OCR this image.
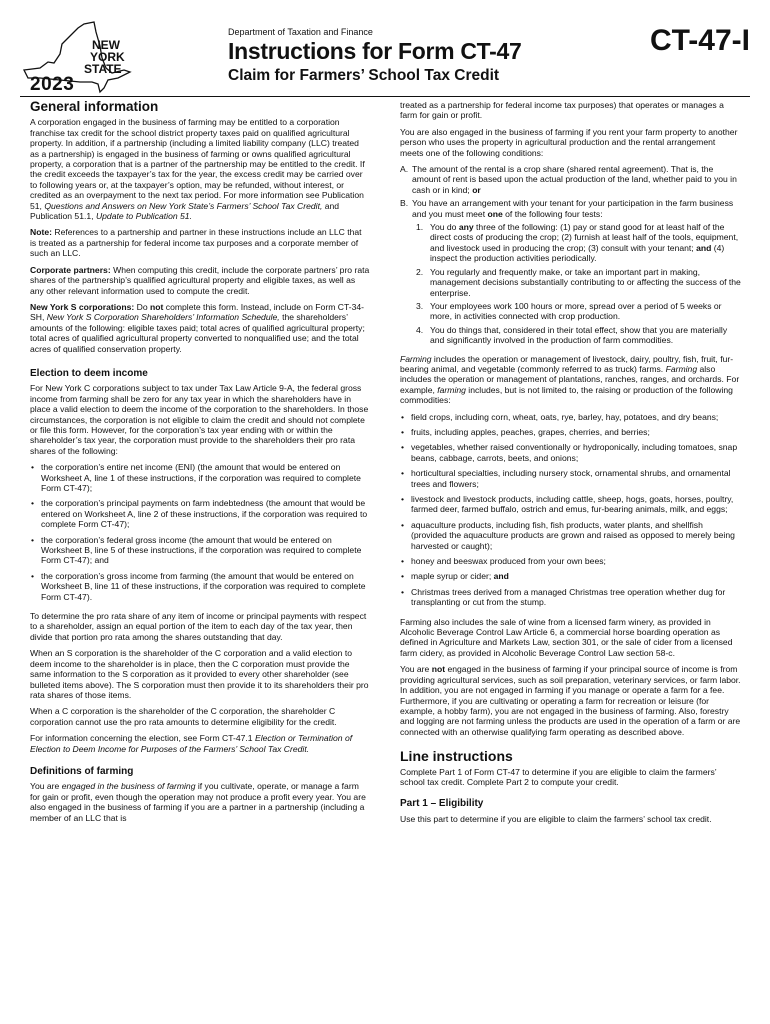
NEW
YORK
STATE
2023
Department of Taxation and Finance
Instructions for Form CT-47
Claim for Farmers’ School Tax Credit
CT-47-I
General information

A corporation engaged in the business of farming may be entitled to a corporation franchise tax credit for the school district property taxes paid on qualified agricultural property. In addition, if a partnership (including a limited liability company (LLC) treated as a partnership) is engaged in the business of farming or owns qualified agricultural property, a corporation that is a partner of the partnership may be entitled to the credit. If the credit exceeds the taxpayer’s tax for the year, the excess credit may be carried over to following years or, at the taxpayer’s option, may be refunded, without interest, or credited as an overpayment to the next tax period. For more information see Publication 51, Questions and Answers on New York State’s Farmers’ School Tax Credit, and Publication 51.1, Update to Publication 51.

Note: References to a partnership and partner in these instructions include an LLC that is treated as a partnership for federal income tax purposes and a corporate member of such an LLC.

Corporate partners: When computing this credit, include the corporate partners’ pro rata shares of the partnership’s qualified agricultural property and eligible taxes, as well as any other relevant information used to compute the credit.

New York S corporations: Do not complete this form. Instead, include on Form CT-34-SH, New York S Corporation Shareholders’ Information Schedule, the shareholders’ amounts of the following: eligible taxes paid; total acres of qualified agricultural property; total acres of qualified agricultural property converted to nonqualified use; and the total acres of qualified conservation property.

Election to deem income

For New York C corporations subject to tax under Tax Law Article 9-A, the federal gross income from farming shall be zero for any tax year in which the shareholders have in place a valid election to deem the income of the corporation to the shareholders. In those circumstances, the corporation is not eligible to claim the credit and should not complete or file this form. However, for the corporation’s tax year ending with or within the shareholder’s tax year, the corporation must provide to the shareholders their pro rata shares of the following:

• the corporation’s entire net income (ENI) (the amount that would be entered on Worksheet A, line 1 of these instructions, if the corporation was required to complete Form CT-47);
• the corporation’s principal payments on farm indebtedness (the amount that would be entered on Worksheet A, line 2 of these instructions, if the corporation was required to complete Form CT-47);
• the corporation’s federal gross income (the amount that would be entered on Worksheet B, line 5 of these instructions, if the corporation was required to complete Form CT-47); and
• the corporation’s gross income from farming (the amount that would be entered on Worksheet B, line 11 of these instructions, if the corporation was required to complete Form CT-47).

To determine the pro rata share of any item of income or principal payments with respect to a shareholder, assign an equal portion of the item to each day of the tax year, then divide that portion pro rata among the shares outstanding that day.

When an S corporation is the shareholder of the C corporation and a valid election to deem income to the shareholder is in place, then the C corporation must provide the same information to the S corporation as it provided to every other shareholder (see bulleted items above). The S corporation must then provide it to its shareholders their pro rata shares of those items.

When a C corporation is the shareholder of the C corporation, the shareholder C corporation cannot use the pro rata amounts to determine eligibility for the credit.

For information concerning the election, see Form CT-47.1 Election or Termination of Election to Deem Income for Purposes of the Farmers’ School Tax Credit.

Definitions of farming

You are engaged in the business of farming if you cultivate, operate, or manage a farm for gain or profit, even though the operation may not produce a profit every year. You are also engaged in the business of farming if you are a partner in a partnership (including a member of an LLC that is

treated as a partnership for federal income tax purposes) that operates or manages a farm for gain or profit.

You are also engaged in the business of farming if you rent your farm property to another person who uses the property in agricultural production and the rental arrangement meets one of the following conditions:

A. The amount of the rental is a crop share (shared rental agreement). That is, the amount of rent is based upon the actual production of the land, whether paid to you in cash or in kind; or
B. You have an arrangement with your tenant for your participation in the farm business and you must meet one of the following four tests:
1. You do any three of the following: (1) pay or stand good for at least half of the direct costs of producing the crop; (2) furnish at least half of the tools, equipment, and livestock used in producing the crop; (3) consult with your tenant; and (4) inspect the production activities periodically.
2. You regularly and frequently make, or take an important part in making, management decisions substantially contributing to or affecting the success of the enterprise.
3. Your employees work 100 hours or more, spread over a period of 5 weeks or more, in activities connected with crop production.
4. You do things that, considered in their total effect, show that you are materially and significantly involved in the production of farm commodities.

Farming includes the operation or management of livestock, dairy, poultry, fish, fruit, fur-bearing animal, and vegetable (commonly referred to as truck) farms. Farming also includes the operation or management of plantations, ranches, ranges, and orchards. For example, farming includes, but is not limited to, the raising or production of the following commodities:

• field crops, including corn, wheat, oats, rye, barley, hay, potatoes, and dry beans;
• fruits, including apples, peaches, grapes, cherries, and berries;
• vegetables, whether raised conventionally or hydroponically, including tomatoes, snap beans, cabbage, carrots, beets, and onions;
• horticultural specialties, including nursery stock, ornamental shrubs, and ornamental trees and flowers;
• livestock and livestock products, including cattle, sheep, hogs, goats, horses, poultry, farmed deer, farmed buffalo, ostrich and emus, fur-bearing animals, milk, and eggs;
• aquaculture products, including fish, fish products, water plants, and shellfish (provided the aquaculture products are grown and raised as opposed to merely being harvested or caught);
• honey and beeswax produced from your own bees;
• maple syrup or cider; and
• Christmas trees derived from a managed Christmas tree operation whether dug for transplanting or cut from the stump.

Farming also includes the sale of wine from a licensed farm winery, as provided in Alcoholic Beverage Control Law Article 6, a commercial horse boarding operation as defined in Agriculture and Markets Law, section 301, or the sale of cider from a licensed farm cidery, as provided in Alcoholic Beverage Control Law section 58-c.

You are not engaged in the business of farming if your principal source of income is from providing agricultural services, such as soil preparation, veterinary services, or farm labor. In addition, you are not engaged in farming if you manage or operate a farm for a fee. Furthermore, if you are cultivating or operating a farm for recreation or leisure (for example, a hobby farm), you are not engaged in the business of farming. Also, forestry and logging are not farming unless the products are used in the operation of a farm or are connected with an otherwise qualifying farm operating as described above.

Line instructions

Complete Part 1 of Form CT-47 to determine if you are eligible to claim the farmers’ school tax credit. Complete Part 2 to compute your credit.

Part 1 – Eligibility

Use this part to determine if you are eligible to claim the farmers’ school tax credit.
